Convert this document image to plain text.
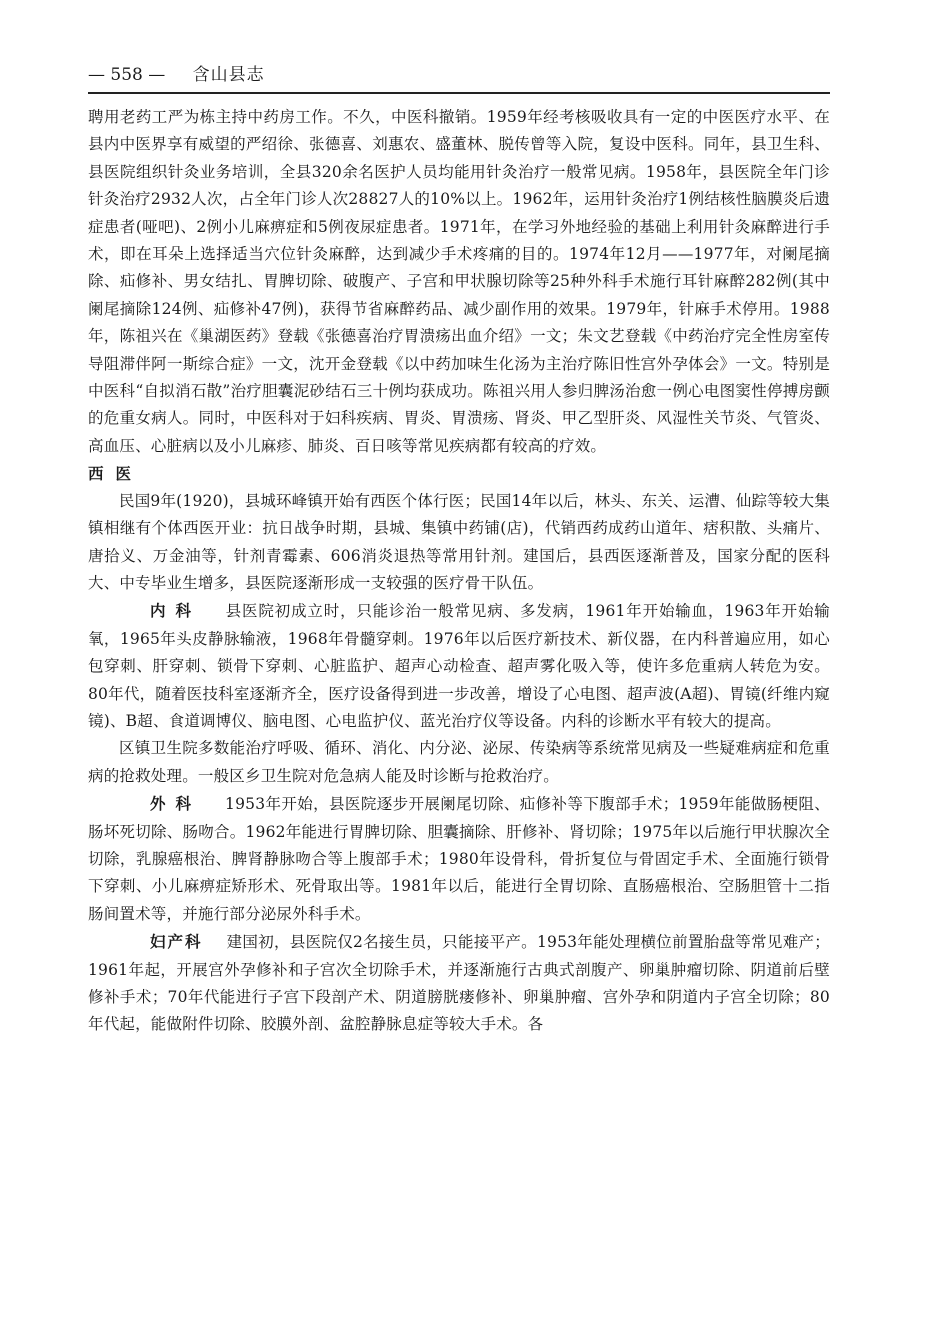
— 558 — 含山县志

聘用老药工严为栋主持中药房工作。不久，中医科撤销。1959年经考核吸收具有一定的中医医疗水平、在县内中医界享有威望的严绍徐、张德喜、刘惠农、盛董林、脱传曾等入院，复设中医科。同年，县卫生科、县医院组织针灸业务培训，全县320余名医护人员均能用针灸治疗一般常见病。1958年，县医院全年门诊针灸治疗2932人次，占全年门诊人次28827人的10%以上。1962年，运用针灸治疗1例结核性脑膜炎后遗症患者(哑吧)、2例小儿麻痹症和5例夜尿症患者。1971年，在学习外地经验的基础上利用针灸麻醉进行手术，即在耳朵上选择适当穴位针灸麻醉，达到减少手术疼痛的目的。1974年12月——1977年，对阑尾摘除、疝修补、男女结扎、胃脾切除、破腹产、子宫和甲状腺切除等25种外科手术施行耳针麻醉282例(其中阑尾摘除124例、疝修补47例)，获得节省麻醉药品、减少副作用的效果。1979年，针麻手术停用。1988年，陈祖兴在《巢湖医药》登载《张德喜治疗胃溃疡出血介绍》一文；朱文艺登载《中药治疗完全性房室传导阻滞伴阿一斯综合症》一文，沈开金登载《以中药加味生化汤为主治疗陈旧性宫外孕体会》一文。特别是中医科“自拟消石散”治疗胆囊泥砂结石三十例均获成功。陈祖兴用人参归脾汤治愈一例心电图窦性停搏房颤的危重女病人。同时，中医科对于妇科疾病、胃炎、胃溃疡、肾炎、甲乙型肝炎、风湿性关节炎、气管炎、高血压、心脏病以及小儿麻疹、肺炎、百日咳等常见疾病都有较高的疗效。

西医

民国9年(1920)，县城环峰镇开始有西医个体行医；民国14年以后，林头、东关、运漕、仙踪等较大集镇相继有个体西医开业：抗日战争时期，县城、集镇中药铺(店)，代销西药成药山道年、痞积散、头痛片、唐拾义、万金油等，针剂青霉素、606消炎退热等常用针剂。建国后，县西医逐渐普及，国家分配的医科大、中专毕业生增多，县医院逐渐形成一支较强的医疗骨干队伍。

内科 县医院初成立时，只能诊治一般常见病、多发病，1961年开始输血，1963年开始输氧，1965年头皮静脉输液，1968年骨髓穿刺。1976年以后医疗新技术、新仪器，在内科普遍应用，如心包穿刺、肝穿刺、锁骨下穿刺、心脏监护、超声心动检查、超声雾化吸入等，使许多危重病人转危为安。80年代，随着医技科室逐渐齐全，医疗设备得到进一步改善，增设了心电图、超声波(A超)、胃镜(纤维内窥镜)、B超、食道调博仪、脑电图、心电监护仪、蓝光治疗仪等设备。内科的诊断水平有较大的提高。

区镇卫生院多数能治疗呼吸、循环、消化、内分泌、泌尿、传染病等系统常见病及一些疑难病症和危重病的抢救处理。一般区乡卫生院对危急病人能及时诊断与抢救治疗。

外科 1953年开始，县医院逐步开展阑尾切除、疝修补等下腹部手术；1959年能做肠梗阻、肠坏死切除、肠吻合。1962年能进行胃脾切除、胆囊摘除、肝修补、肾切除；1975年以后施行甲状腺次全切除，乳腺癌根治、脾肾静脉吻合等上腹部手术；1980年设骨科，骨折复位与骨固定手术、全面施行锁骨下穿刺、小儿麻痹症矫形术、死骨取出等。1981年以后，能进行全胃切除、直肠癌根治、空肠胆管十二指肠间置术等，并施行部分泌尿外科手术。

妇产科 建国初，县医院仅2名接生员，只能接平产。1953年能处理横位前置胎盘等常见难产；1961年起，开展宫外孕修补和子宫次全切除手术，并逐渐施行古典式剖腹产、卵巢肿瘤切除、阴道前后壁修补手术；70年代能进行子宫下段剖产术、阴道膀胱瘘修补、卵巢肿瘤、宫外孕和阴道内子宫全切除；80年代起，能做附件切除、胶膜外剖、盆腔静脉息症等较大手术。各
